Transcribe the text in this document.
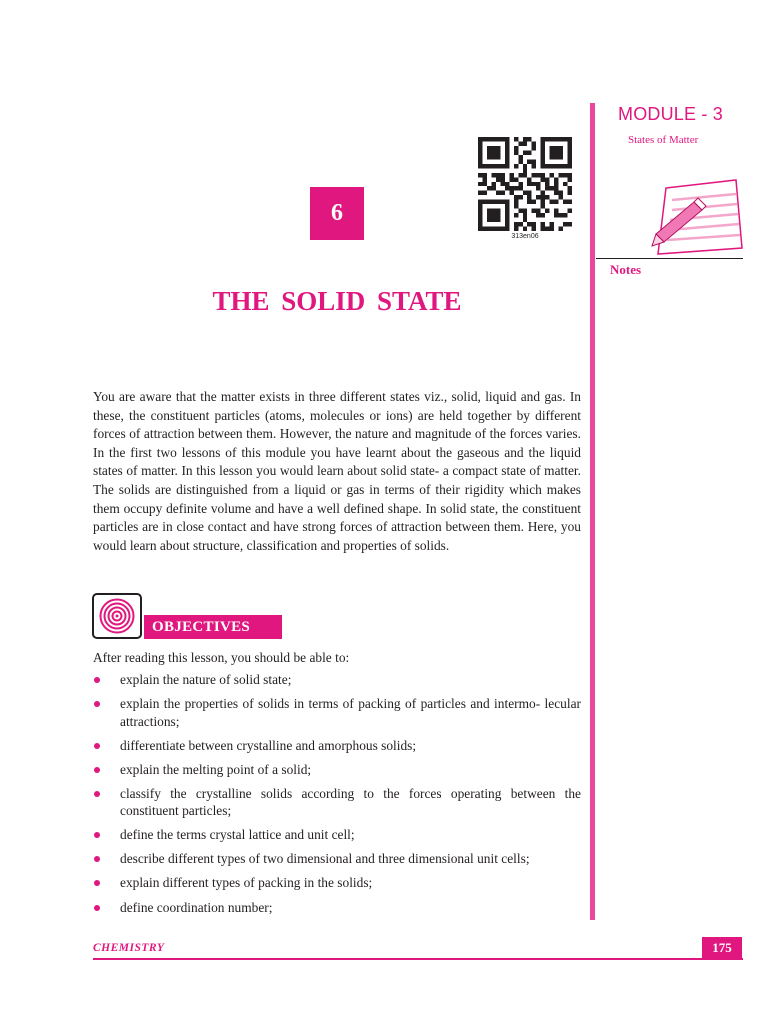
MODULE - 3
States of Matter
Notes
313en06
6
THE SOLID STATE

You are aware that the matter exists in three different states viz., solid, liquid and gas. In these, the constituent particles (atoms, molecules or ions) are held together by different forces of attraction between them. However, the nature and magnitude of the forces varies. In the first two lessons of this module you have learnt about the gaseous and the liquid states of matter. In this lesson you would learn about solid state- a compact state of matter. The solids are distinguished from a liquid or gas in terms of their rigidity which makes them occupy definite volume and have a well defined shape. In solid state, the constituent particles are in close contact and have strong forces of attraction between them. Here, you would learn about structure, classification and properties of solids.

OBJECTIVES
After reading this lesson, you should be able to:
explain the nature of solid state;
explain the properties of solids in terms of packing of particles and intermo- lecular attractions;
differentiate between crystalline and amorphous solids;
explain the melting point of a solid;
classify the crystalline solids according to the forces operating between the constituent particles;
define the terms crystal lattice and unit cell;
describe different types of two dimensional and three dimensional unit cells;
explain different types of packing in the solids;
define coordination number;
CHEMISTRY	175
